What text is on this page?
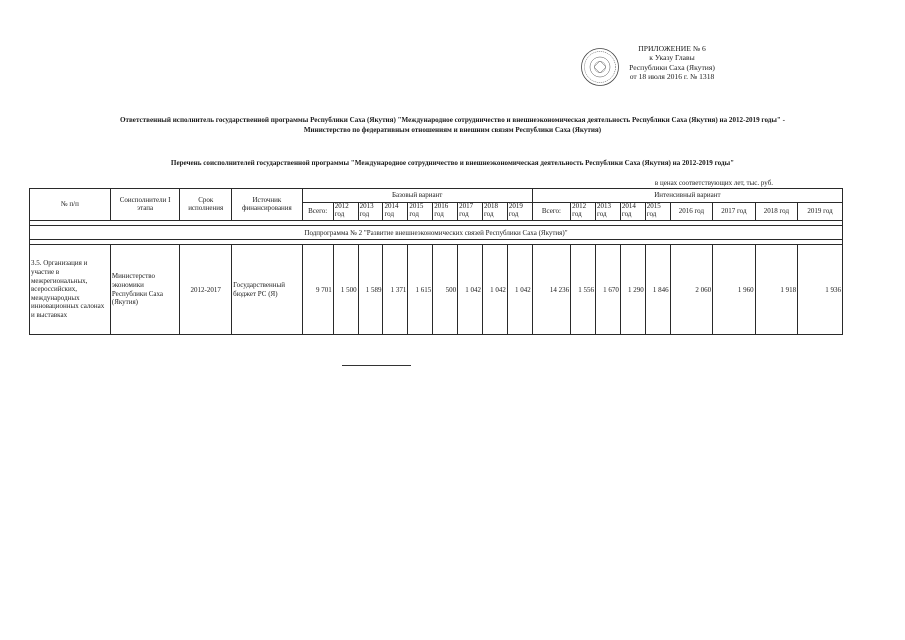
ПРИЛОЖЕНИЕ № 6
к Указу Главы
Республики Саха (Якутия)
от 18 июля 2016 г. № 1318
Ответственный исполнитель государственной программы Республики Саха (Якутия) "Международное сотрудничество и внешнеэкономическая деятельность Республики Саха (Якутия) на 2012-2019 годы" -
Министерство по федеративным отношениям и внешним связям Республики Саха (Якутия)
Перечень соисполнителей государственной программы "Международное сотрудничество и внешнеэкономическая деятельность Республики Саха (Якутия) на 2012-2019 годы"
в ценах соответствующих лет, тыс. руб.
№ п/п	Соисполнители I этапа	Срок исполнения	Источник финансирования	Базовый вариант									Интенсивный вариант								
				Всего:	2012 год	2013 год	2014 год	2015 год	2016 год	2017 год	2018 год	2019 год	Всего:	2012 год	2013 год	2014 год	2015 год	2016 год	2017 год	2018 год	2019 год

Подпрограмма № 2 "Развитие внешнеэкономических связей Республики Саха (Якутия)"																					

3.5. Организация и участие в межрегиональных, всероссийских, международных инновационных салонах и выставках	Министерство экономики Республики Саха (Якутия)	2012-2017	Государственный бюджет РС (Я)	9 701	1 500	1 589	1 371	1 615	500	1 042	1 042	1 042	14 236	1 556	1 670	1 290	1 846	2 060	1 960	1 918	1 936
